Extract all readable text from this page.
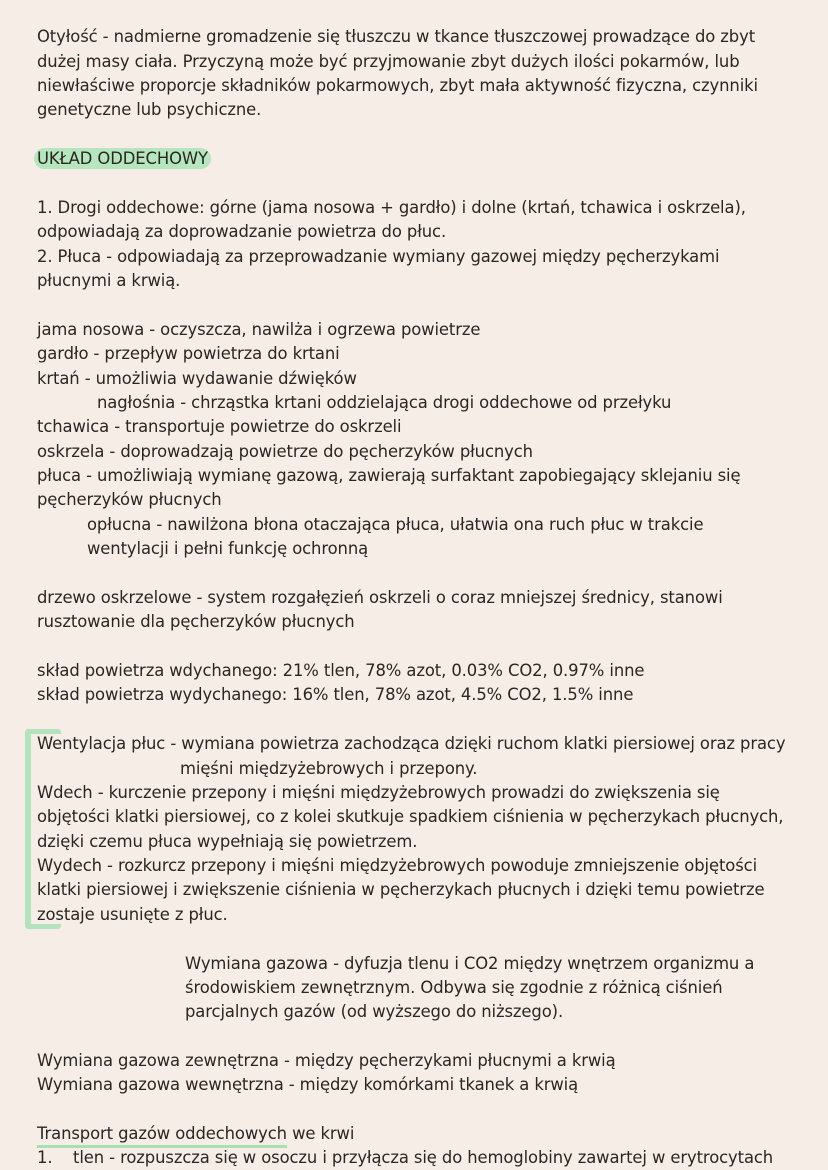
Otyłość - nadmierne gromadzenie się tłuszczu w tkance tłuszczowej prowadzące do zbyt
dużej masy ciała. Przyczyną może być przyjmowanie zbyt dużych ilości pokarmów, lub
niewłaściwe proporcje składników pokarmowych, zbyt mała aktywność fizyczna, czynniki
genetyczne lub psychiczne.
UKŁAD ODDECHOWY
1. Drogi oddechowe: górne (jama nosowa + gardło) i dolne (krtań, tchawica i oskrzela),
odpowiadają za doprowadzanie powietrza do płuc.
2. Płuca - odpowiadają za przeprowadzanie wymiany gazowej między pęcherzykami
płucnymi a krwią.
jama nosowa - oczyszcza, nawilża i ogrzewa powietrze
gardło - przepływ powietrza do krtani
krtań - umożliwia wydawanie dźwięków
nagłośnia - chrząstka krtani oddzielająca drogi oddechowe od przełyku
tchawica - transportuje powietrze do oskrzeli
oskrzela - doprowadzają powietrze do pęcherzyków płucnych
płuca - umożliwiają wymianę gazową, zawierają surfaktant zapobiegający sklejaniu się
pęcherzyków płucnych
opłucna - nawilżona błona otaczająca płuca, ułatwia ona ruch płuc w trakcie
wentylacji i pełni funkcję ochronną
drzewo oskrzelowe - system rozgałęzień oskrzeli o coraz mniejszej średnicy, stanowi
rusztowanie dla pęcherzyków płucnych
skład powietrza wdychanego: 21% tlen, 78% azot, 0.03% CO2, 0.97% inne
skład powietrza wydychanego: 16% tlen, 78% azot, 4.5% CO2, 1.5% inne
Wentylacja płuc - wymiana powietrza zachodząca dzięki ruchom klatki piersiowej oraz pracy
mięśni międzyżebrowych i przepony.
Wdech - kurczenie przepony i mięśni międzyżebrowych prowadzi do zwiększenia się
objętości klatki piersiowej, co z kolei skutkuje spadkiem ciśnienia w pęcherzykach płucnych,
dzięki czemu płuca wypełniają się powietrzem.
Wydech - rozkurcz przepony i mięśni międzyżebrowych powoduje zmniejszenie objętości
klatki piersiowej i zwiększenie ciśnienia w pęcherzykach płucnych i dzięki temu powietrze
zostaje usunięte z płuc.
Wymiana gazowa - dyfuzja tlenu i CO2 między wnętrzem organizmu a
środowiskiem zewnętrznym. Odbywa się zgodnie z różnicą ciśnień
parcjalnych gazów (od wyższego do niższego).
Wymiana gazowa zewnętrzna - między pęcherzykami płucnymi a krwią
Wymiana gazowa wewnętrzna - między komórkami tkanek a krwią
Transport gazów oddechowych we krwi
1. tlen - rozpuszcza się w osoczu i przyłącza się do hemoglobiny zawartej w erytrocytach
